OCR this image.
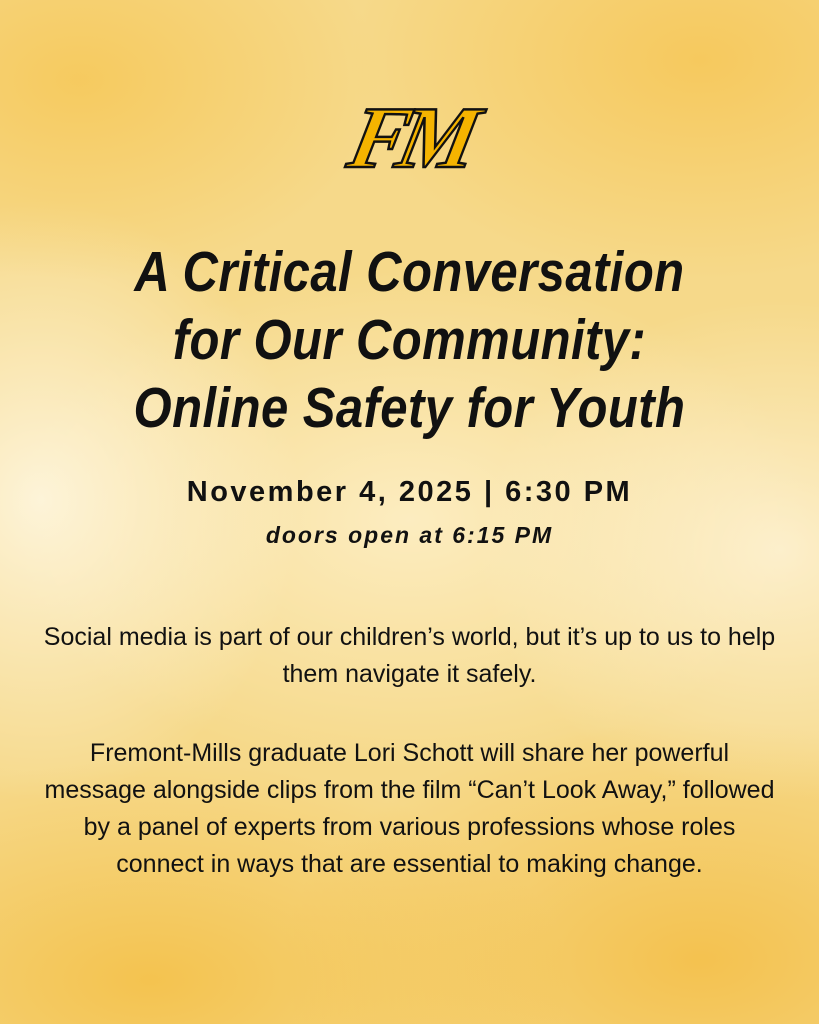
FM
A Critical Conversation
for Our Community:
Online Safety for Youth
November 4, 2025 | 6:30 PM
doors open at 6:15 PM
Social media is part of our children’s world, but it’s up to us to help them navigate it safely.
Fremont-Mills graduate Lori Schott will share her powerful message alongside clips from the film “Can’t Look Away,” followed by a panel of experts from various professions whose roles connect in ways that are essential to making change.
